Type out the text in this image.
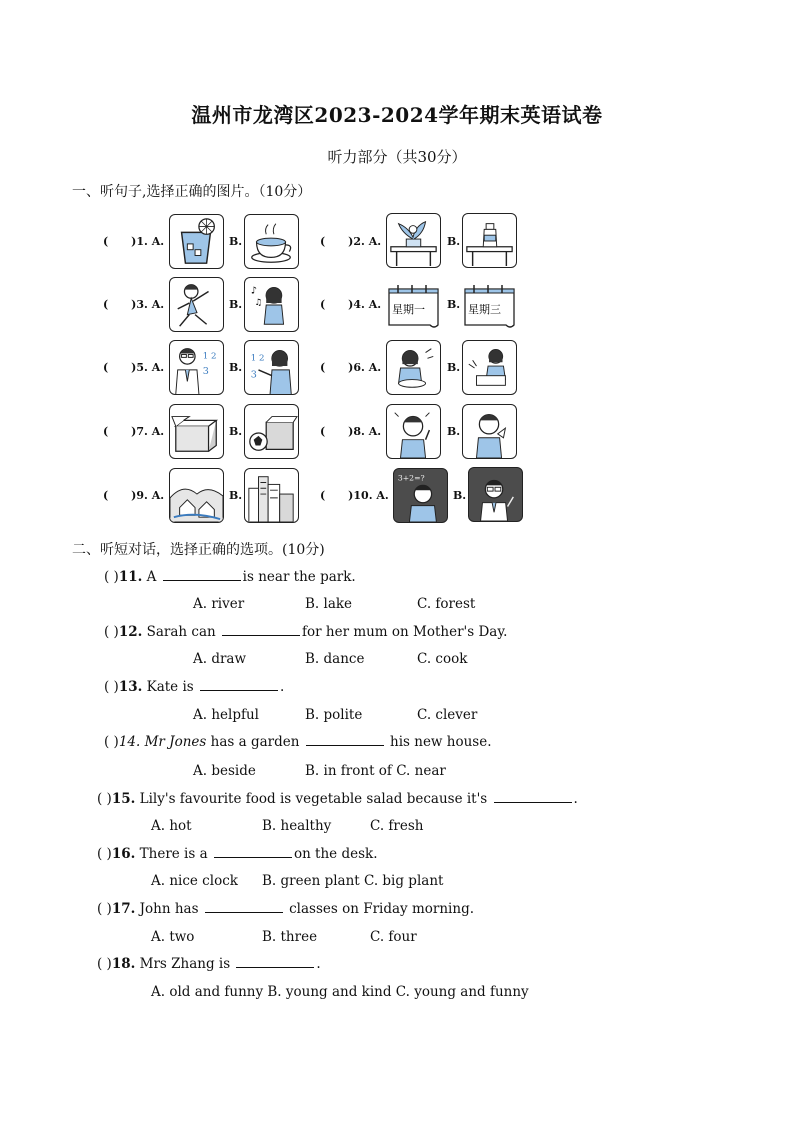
温州市龙湾区2023-2024学年期末英语试卷
听力部分（共30分）
一、听句子,选择正确的图片。（10分）
(      )1. A.	B.	(      )2. A.	B.
(      )3. A.	B.
♪
♫	(      )4. A. 星期一 B. 星期三
(      )5. A.
1 2
3 B.
1 2
3
(      )6. A.	B.
(      )7. A.	B.	(      )8. A.	B.
(      )9. A.	B.	(      )10. A.
3+2=?
B.
二、听短对话，选择正确的选项。(10分)
( )11. A	is near the park.
A. river	B. lake	C. forest
( )12. Sarah can	for her mum on Mother's Day.
A. draw	B. dance	C. cook
( )13. Kate is	.
A. helpful	B. polite	C. clever
( )14. Mr Jones has a garden	his new house.
A. beside	B. in front of C. near
( )15. Lily's favourite food is vegetable salad because it's	.
A. hot	B. healthy	C. fresh
( )16. There is a	on the desk.
A. nice clock B. green plant C. big plant
( )17. John has	classes on Friday morning.
A. two	B. three	C. four
( )18. Mrs Zhang is	.
A. old and funny B. young and kind C. young and funny
